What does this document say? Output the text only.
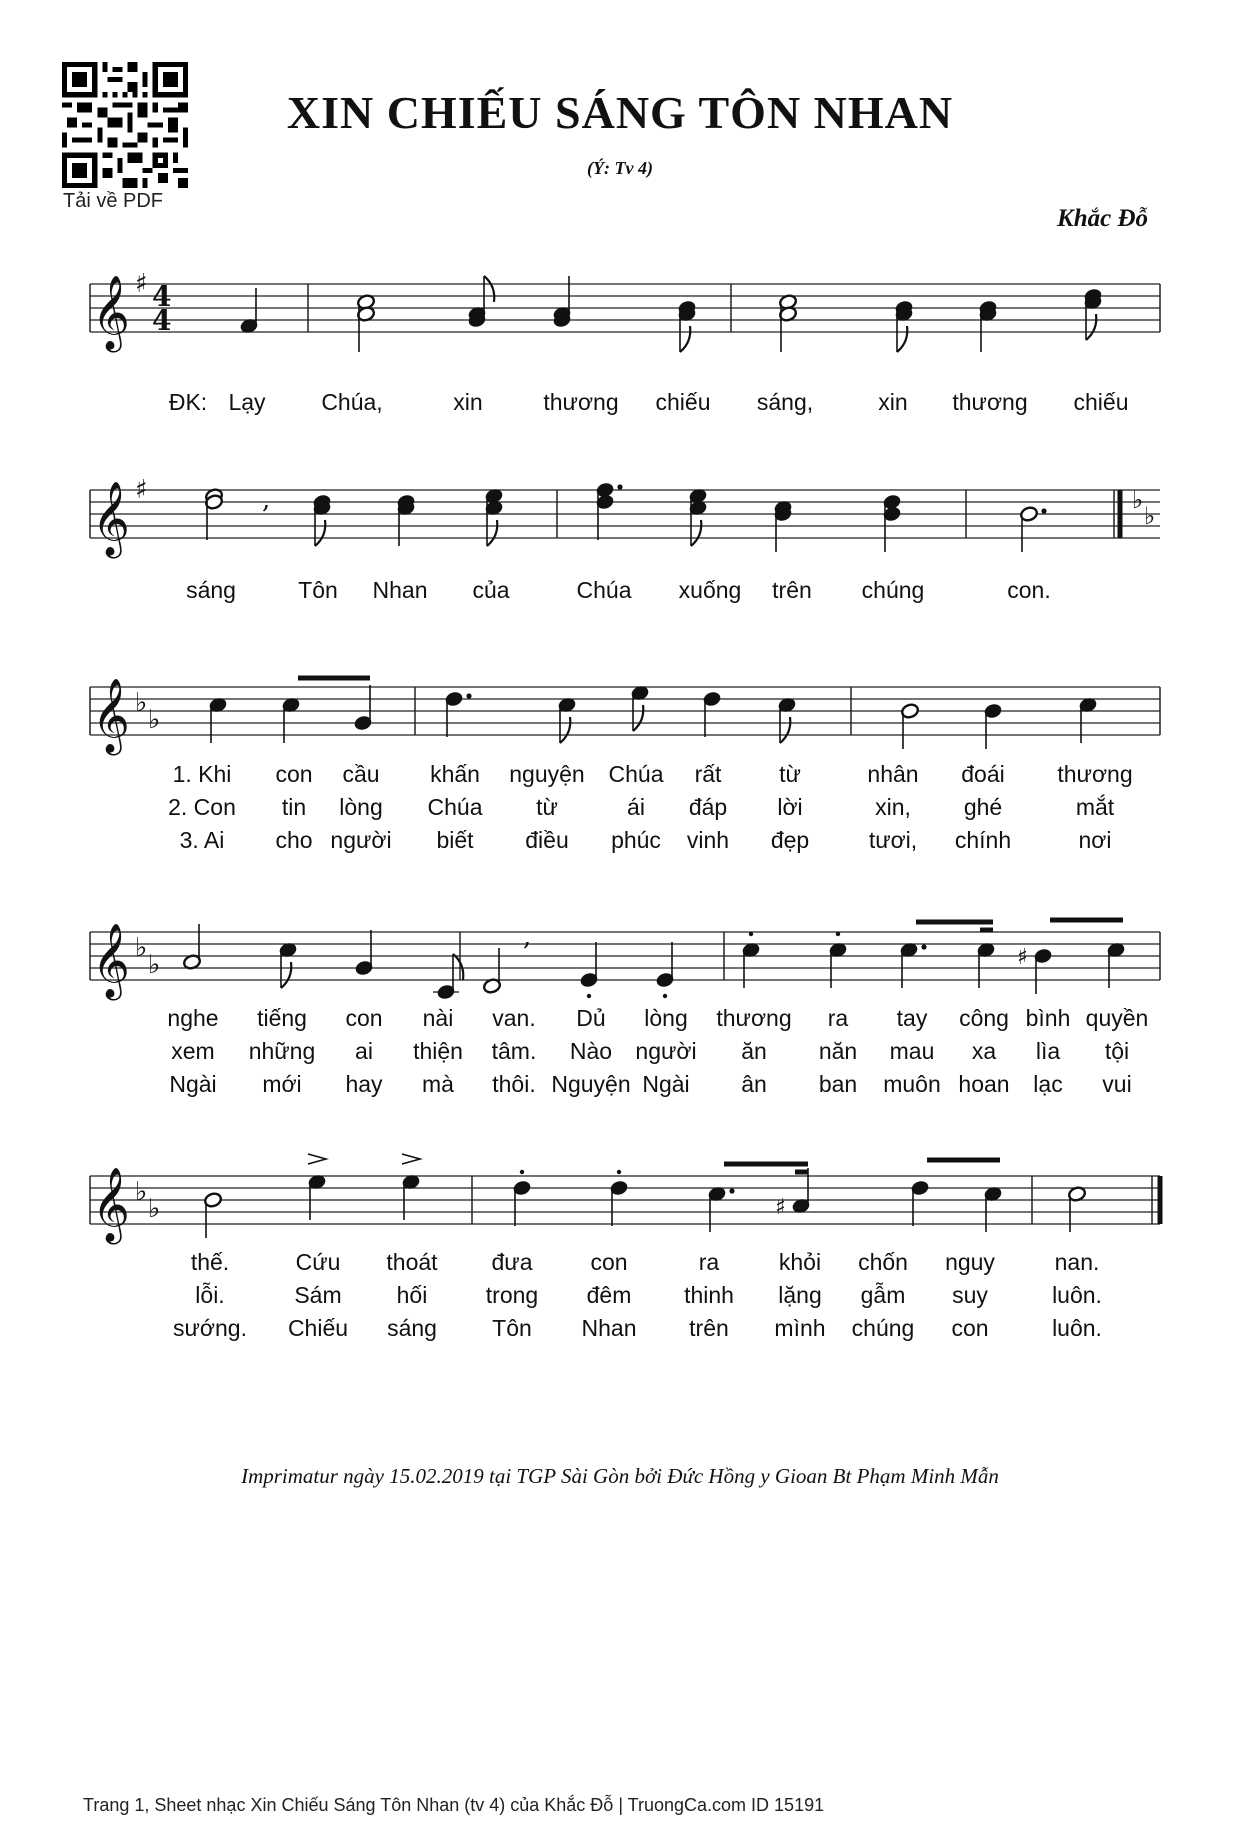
Tải về PDF
XIN CHIẾU SÁNG TÔN NHAN
(Ý: Tv 4)
Khắc Đỗ
𝄞 ♯ 4
4
𝄞 ♯	♭
♭
𝄞 ♭
♭
𝄞 ♭
♭
𝄞 ♭
♭
,
,
♯
♯
ĐK: Lạy Chúa,	xin	thương chiếu sáng,	xin thương chiếu
sáng	Tôn Nhan của	Chúa xuống trên chúng	con.
1. Khi con cầu khấn nguyện Chúa rất	từ	nhân đoái thương
2. Con tin lòng Chúa từ	ái đáp lời	xin, ghé	mắt
3. Ai cho người biết điều phúc vinh đẹp	tươi, chính	nơi
nghe tiếng con nài van. Dủ lòng thương ra tay công bình quyền
xem những ai thiện tâm. Nào người ăn năn mau xa lìa tội
Ngài mới hay mà thôi. Nguyện Ngài ân ban muôn hoan lạc vui
thế.	Cứu thoát đưa	con	ra	khỏi chốn nguy	nan.
lỗi.	Sám hối	trong đêm thinh lặng gẫm suy	luôn.
sướng. Chiếu sáng Tôn Nhan trên mình chúng con	luôn.
Imprimatur ngày 15.02.2019 tại TGP Sài Gòn bởi Đức Hồng y Gioan Bt Phạm Minh Mẫn
Trang 1, Sheet nhạc Xin Chiếu Sáng Tôn Nhan (tv 4) của Khắc Đỗ | TruongCa.com ID 15191
